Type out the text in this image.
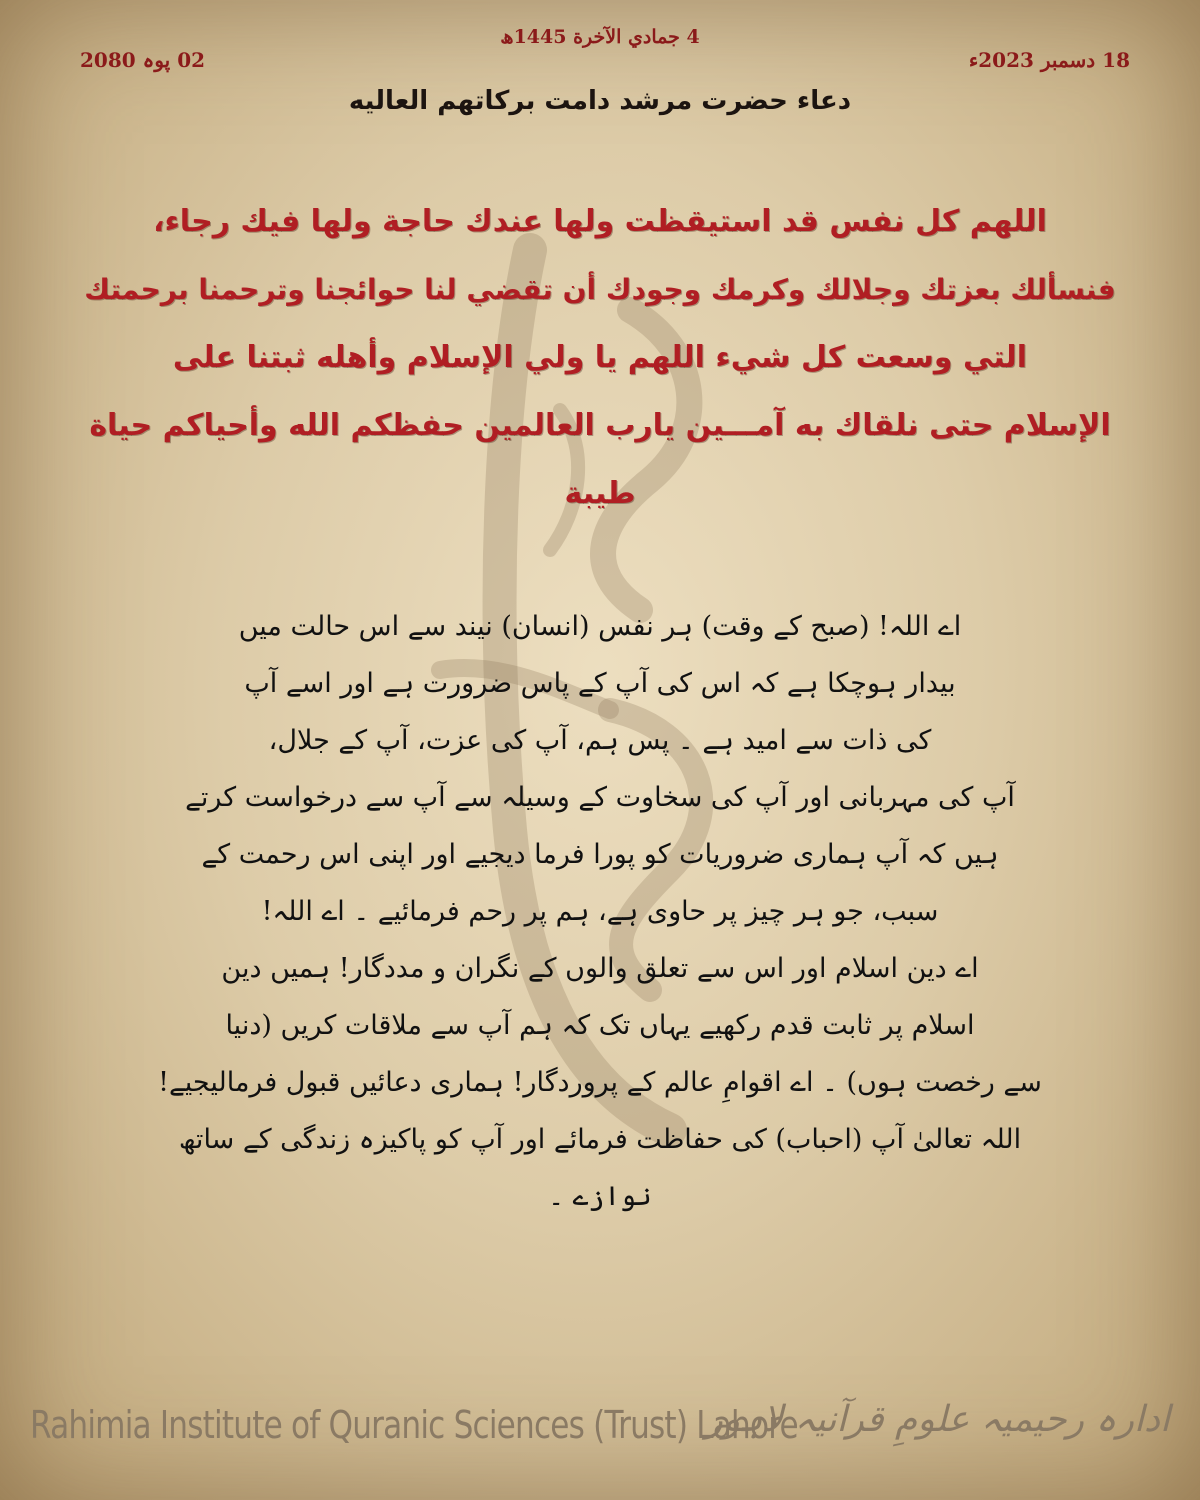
4 جمادي الآخرة 1445ھ
18 دسمبر 2023ء
02 پوہ 2080
دعاء حضرت مرشد دامت برکاتھم العالیه
اللهم كل نفس قد استيقظت ولها عندك حاجة ولها فيك رجاء،
فنسألك بعزتك وجلالك وكرمك وجودك أن تقضي لنا حوائجنا وترحمنا برحمتك
التي وسعت كل شيء اللهم يا ولي الإسلام وأهله ثبتنا على
الإسلام حتى نلقاك به آمـــين يارب العالمين حفظكم الله وأحياكم حياة
طيبة
اے اللہ! (صبح کے وقت) ہر نفس (انسان) نیند سے اس حالت میں
بیدار ہوچکا ہے کہ اس کی آپ کے پاس ضرورت ہے اور اسے آپ
کی ذات سے امید ہے ۔ پس ہم، آپ کی عزت، آپ کے جلال،
آپ کی مہربانی اور آپ کی سخاوت کے وسیلہ سے آپ سے درخواست کرتے
ہیں کہ آپ ہماری ضروریات کو پورا فرما دیجیے اور اپنی اس رحمت کے
سبب، جو ہر چیز پر حاوی ہے، ہم پر رحم فرمائیے ۔ اے اللہ!
اے دین اسلام اور اس سے تعلق والوں کے نگران و مددگار! ہمیں دین
اسلام پر ثابت قدم رکھیے یہاں تک کہ ہم آپ سے ملاقات کریں (دنیا
سے رخصت ہوں) ۔ اے اقوامِ عالم کے پروردگار! ہماری دعائیں قبول فرمالیجیے!
اللہ تعالیٰ آپ (احباب) کی حفاظت فرمائے اور آپ کو پاکیزہ زندگی کے ساتھ
نوازے ۔
Rahimia Institute of Quranic Sciences (Trust) Lahore
ادارہ رحیمیہ علومِ قرآنیہ لاہور
